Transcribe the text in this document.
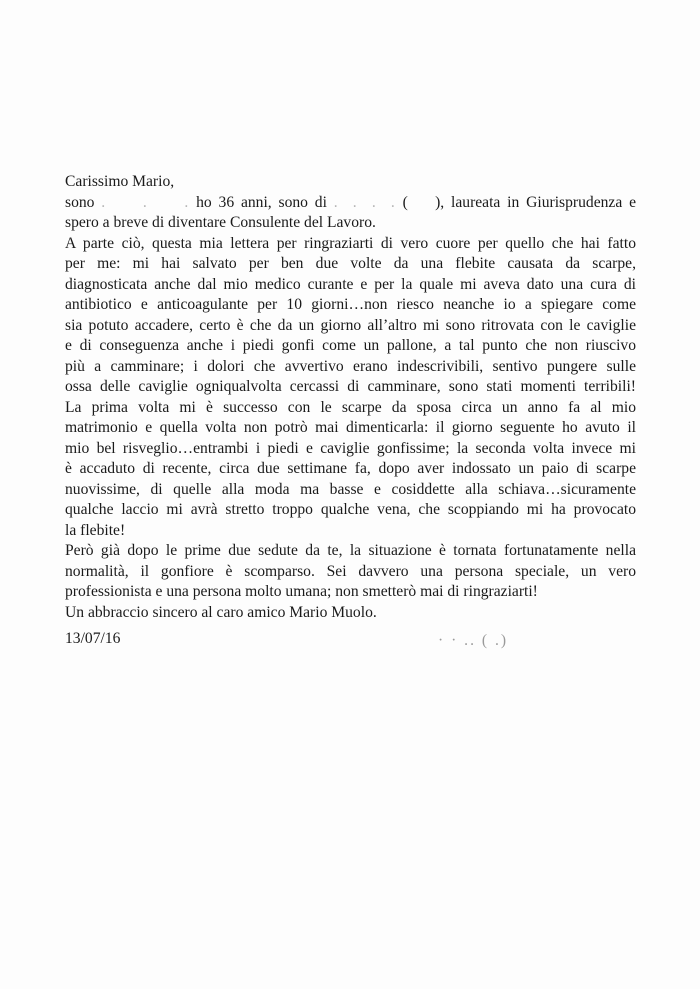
Carissimo Mario,

sono . . . ho 36 anni, sono di . . . . ( ), laureata in Giurisprudenza e

spero a breve di diventare Consulente del Lavoro.

A parte ciò, questa mia lettera per ringraziarti di vero cuore per quello che hai fatto

per me: mi hai salvato per ben due volte da una flebite causata da scarpe,

diagnosticata anche dal mio medico curante e per la quale mi aveva dato una cura di

antibiotico e anticoagulante per 10 giorni…non riesco neanche io a spiegare come

sia potuto accadere, certo è che da un giorno all’altro mi sono ritrovata con le caviglie

e di conseguenza anche i piedi gonfi come un pallone, a tal punto che non riuscivo

più a camminare; i dolori che avvertivo erano indescrivibili, sentivo pungere sulle

ossa delle caviglie ogniqualvolta cercassi di camminare, sono stati momenti terribili!

La prima volta mi è successo con le scarpe da sposa circa un anno fa al mio

matrimonio e quella volta non potrò mai dimenticarla: il giorno seguente ho avuto il

mio bel risveglio…entrambi i piedi e caviglie gonfissime; la seconda volta invece mi

è accaduto di recente, circa due settimane fa, dopo aver indossato un paio di scarpe

nuovissime, di quelle alla moda ma basse e cosiddette alla schiava…sicuramente

qualche laccio mi avrà stretto troppo qualche vena, che scoppiando mi ha provocato

la flebite!

Però già dopo le prime due sedute da te, la situazione è tornata fortunatamente nella

normalità, il gonfiore è scomparso. Sei davvero una persona speciale, un vero

professionista e una persona molto umana; non smetterò mai di ringraziarti!

Un abbraccio sincero al caro amico Mario Muolo.

13/07/16	· · .. ( .)
